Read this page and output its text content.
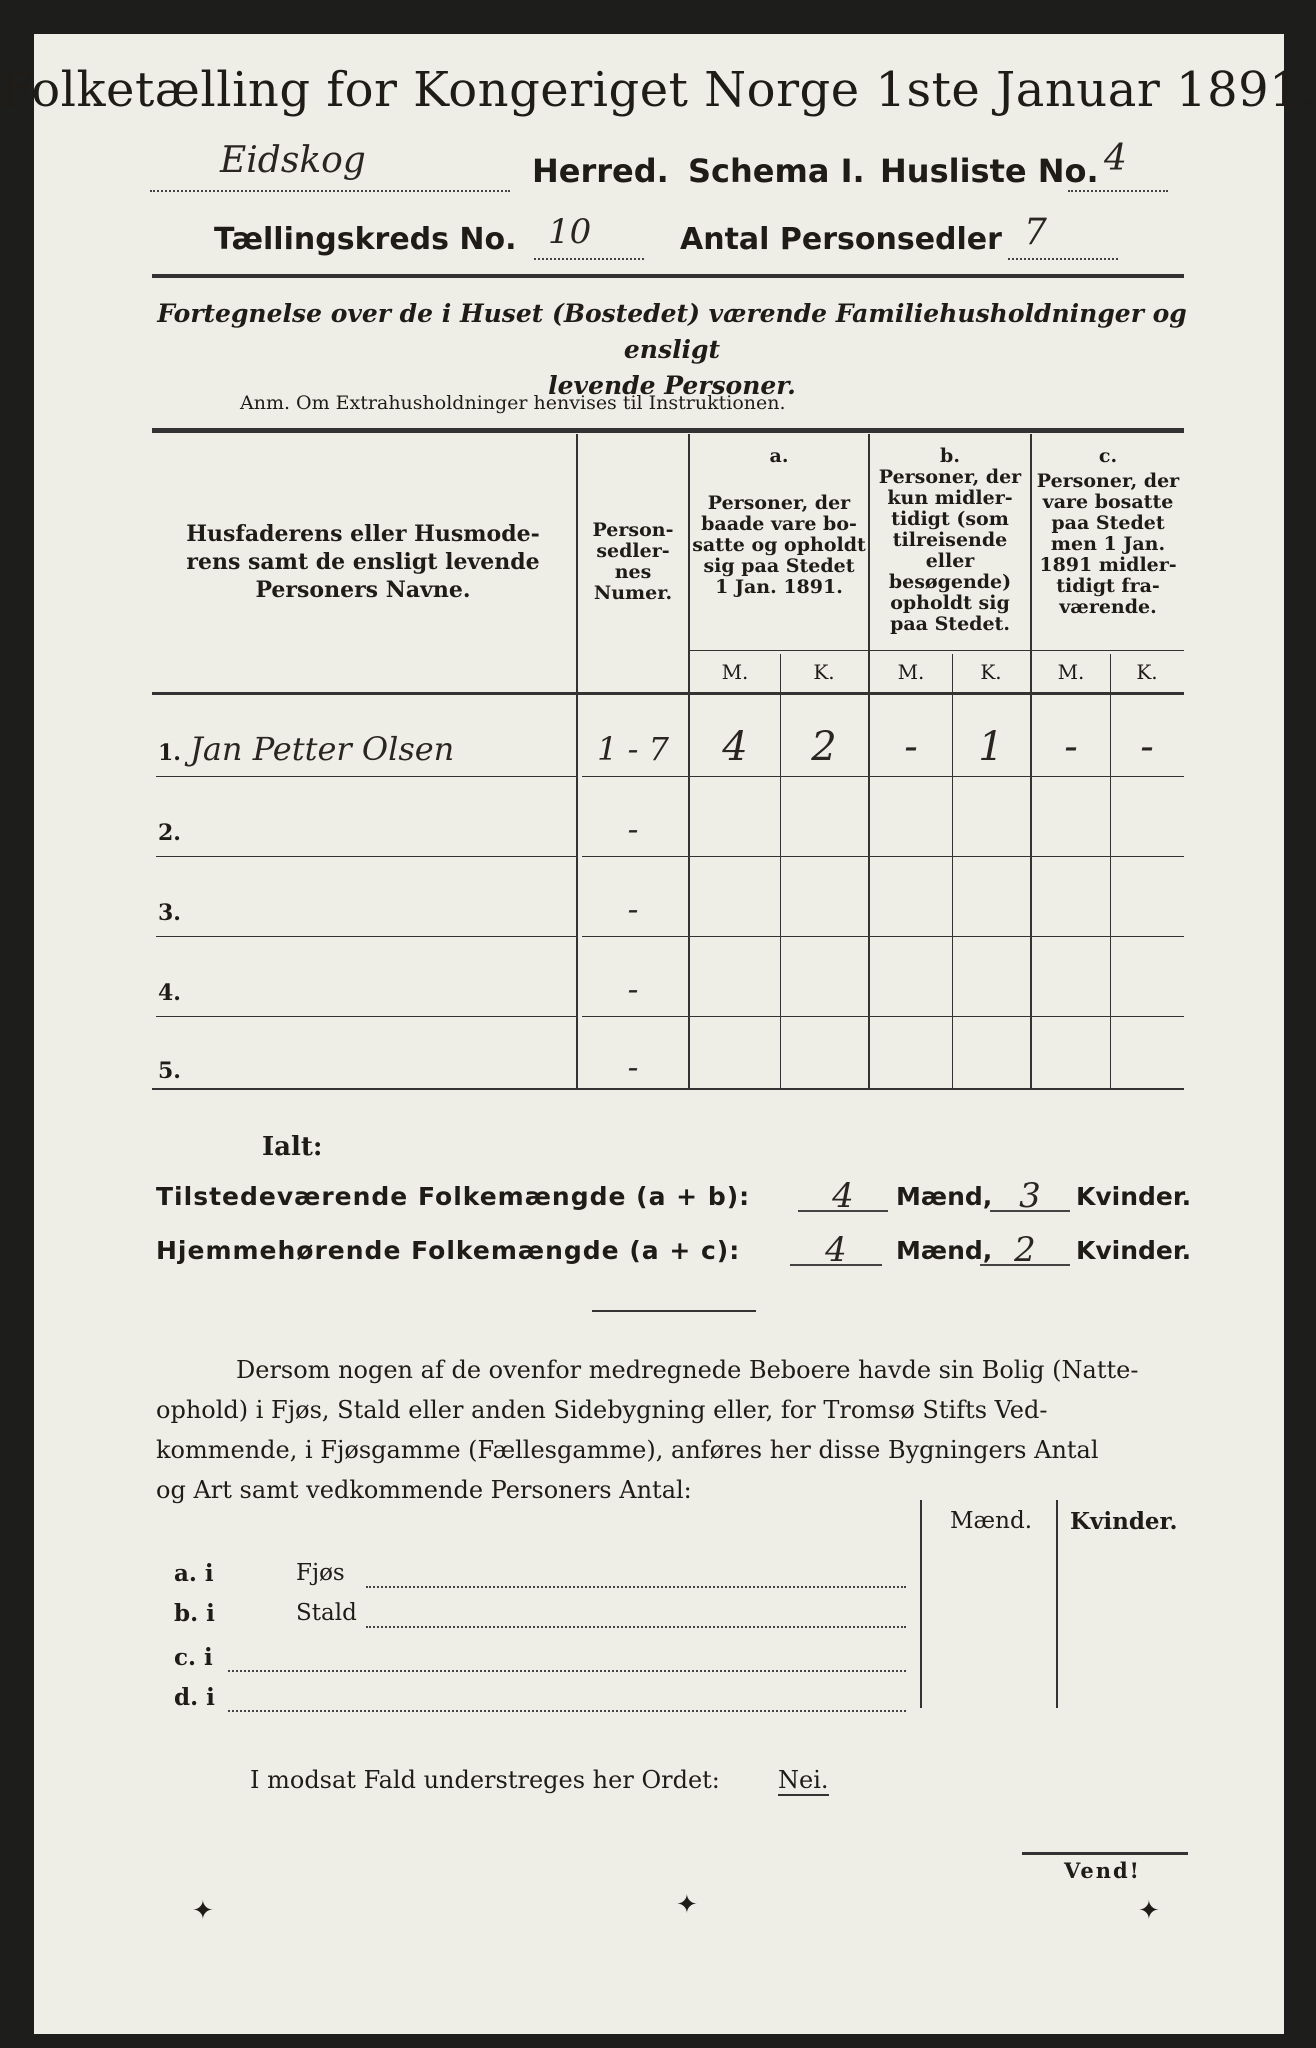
Folketælling for Kongeriget Norge 1ste Januar 1891.
Eidskog	Herred. Schema I. Husliste No. 4
Tællingskreds No. 10	Antal Personsedler 7
Fortegnelse over de i Huset (Bostedet) værende Familiehusholdninger og ensligt
levende Personer.
Anm. Om Extrahusholdninger henvises til Instruktionen.
Husfaderens eller Husmode-
rens samt de ensligt levende
Personers Navne.
Person-
sedler-
nes
Numer.
a.
Personer, der
baade vare bo-
satte og opholdt
sig paa Stedet
1 Jan. 1891.
b.
Personer, der
kun midler-
tidigt (som
tilreisende
eller
besøgende)
opholdt sig
paa Stedet.
c.
Personer, der
vare bosatte
paa Stedet
men 1 Jan.
1891 midler-
tidigt fra-
værende.
M.	K.	M.	K.	M.	K.
1. Jan Petter Olsen	1 - 7	4	2	-	1	-	-
2.	-
3.	-
4.	-
5.	-
Ialt:
Tilstedeværende Folkemængde (a + b):	4	Mænd, 3	Kvinder.
Hjemmehørende Folkemængde (a + c):	4	Mænd, 2	Kvinder.
Dersom nogen af de ovenfor medregnede Beboere havde sin Bolig (Natte-
ophold) i Fjøs, Stald eller anden Sidebygning eller, for Tromsø Stifts Ved-
kommende, i Fjøsgamme (Fællesgamme), anføres her disse Bygningers Antal
og Art samt vedkommende Personers Antal:
Mænd. Kvinder.
a. i	Fjøs
b. i	Stald
c. i
d. i
I modsat Fald understreges her Ordet: Nei.
Vend!
✦	✦	✦
